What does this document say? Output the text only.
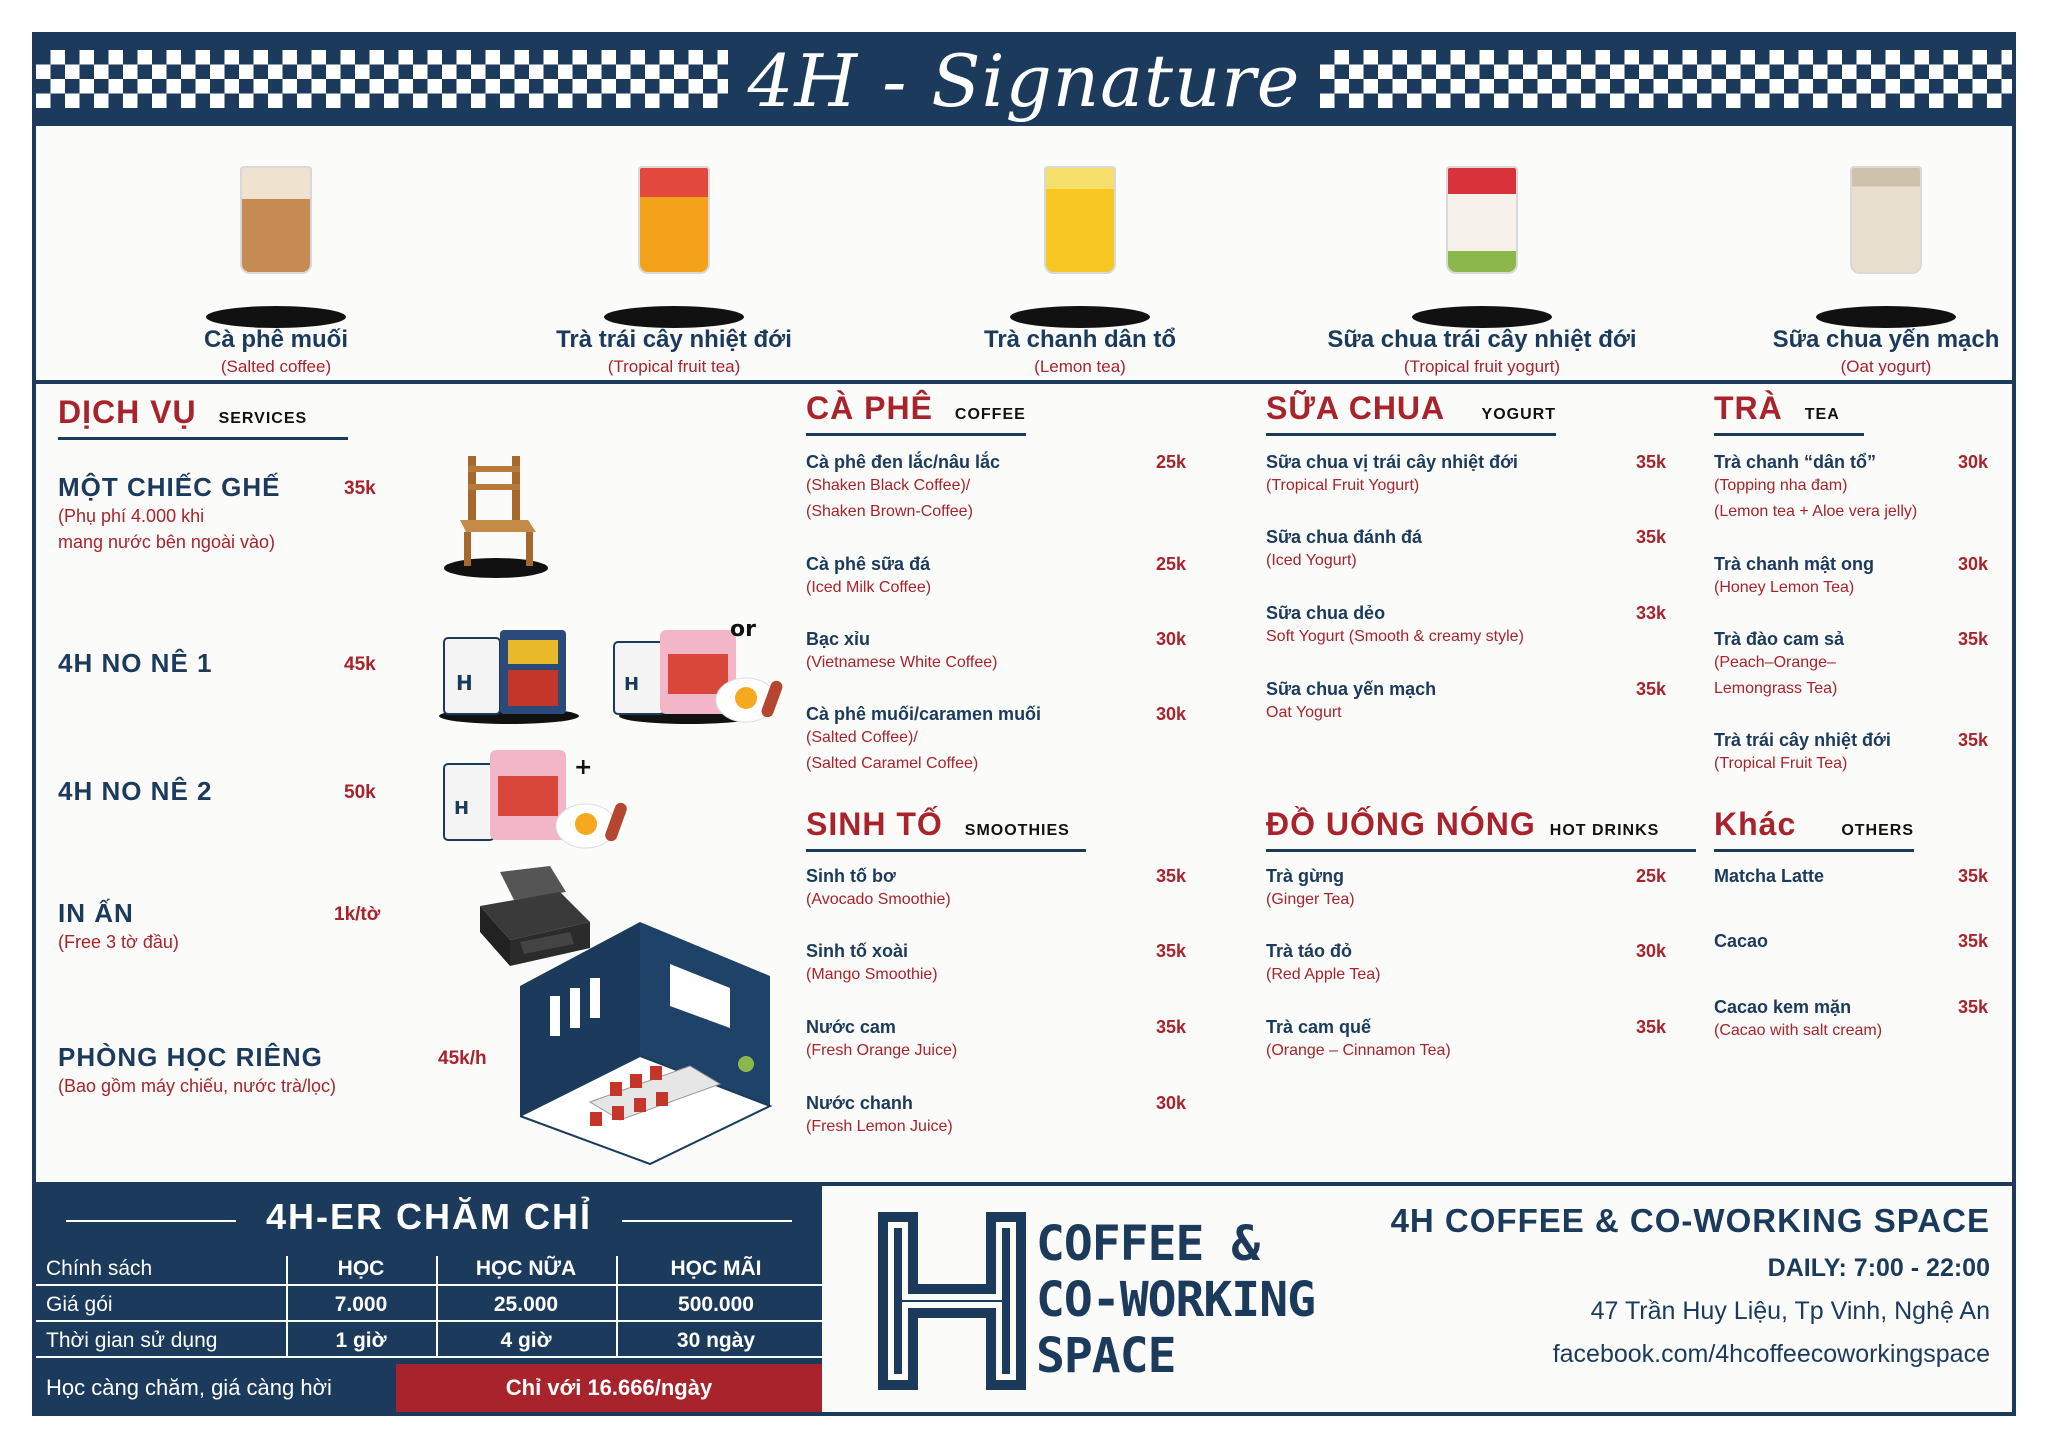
4H - Signature
Cà phê muối
(Salted coffee)
Trà trái cây nhiệt đới
(Tropical fruit tea)
Trà chanh dân tổ
(Lemon tea)
Sữa chua trái cây nhiệt đới
(Tropical fruit yogurt)
Sữa chua yến mạch
(Oat yogurt)
DỊCH VỤ SERVICES
MỘT CHIẾC GHẾ
(Phụ phí 4.000 khi
mang nước bên ngoài vào)
35k
4H NO NÊ 1	45k
H	H
or
4H NO NÊ 2	50k
H
+
IN ẤN
(Free 3 tờ đầu)
1k/tờ
PHÒNG HỌC RIÊNG
(Bao gồm máy chiếu, nước trà/lọc)
45k/h
CÀ PHÊ COFFEE
Cà phê đen lắc/nâu lắc
(Shaken Black Coffee)/
(Shaken Brown-Coffee)
25k
Cà phê sữa đá
(Iced Milk Coffee)
25k
Bạc xỉu
(Vietnamese White Coffee)
30k
Cà phê muối/caramen muối
(Salted Coffee)/
(Salted Caramel Coffee)
30k
SINH TỐ SMOOTHIES
Sinh tố bơ
(Avocado Smoothie)
35k
Sinh tố xoài
(Mango Smoothie)
35k
Nước cam
(Fresh Orange Juice)
35k
Nước chanh
(Fresh Lemon Juice)
30k
SỮA CHUA YOGURT
Sữa chua vị trái cây nhiệt đới
(Tropical Fruit Yogurt)
35k
Sữa chua đánh đá
(Iced Yogurt)
35k
Sữa chua dẻo
Soft Yogurt (Smooth & creamy style)
33k
Sữa chua yến mạch
Oat Yogurt
35k
ĐỒ UỐNG NÓNG HOT DRINKS
Trà gừng
(Ginger Tea)
25k
Trà táo đỏ
(Red Apple Tea)
30k
Trà cam quế
(Orange – Cinnamon Tea)
35k
TRÀ TEA
Trà chanh “dân tổ”
(Topping nha đam)
(Lemon tea + Aloe vera jelly)
30k
Trà chanh mật ong
(Honey Lemon Tea)
30k
Trà đào cam sả
(Peach–Orange–
Lemongrass Tea)
35k
Trà trái cây nhiệt đới
(Tropical Fruit Tea)
35k
Khác	OTHERS
Matcha Latte	35k
Cacao	35k
Cacao kem mặn
(Cacao with salt cream)
35k
4H-ER CHĂM CHỈ
Chính sách	HỌC	HỌC NỮA	HỌC MÃI
Giá gói	7.000	25.000	500.000
Thời gian sử dụng	1 giờ	4 giờ	30 ngày
Học càng chăm, giá càng hời	Chỉ với 16.666/ngày
COFFEE &
CO-WORKING
SPACE
4H COFFEE & CO-WORKING SPACE
DAILY: 7:00 - 22:00
47 Trần Huy Liệu, Tp Vinh, Nghệ An
facebook.com/4hcoffeecoworkingspace
